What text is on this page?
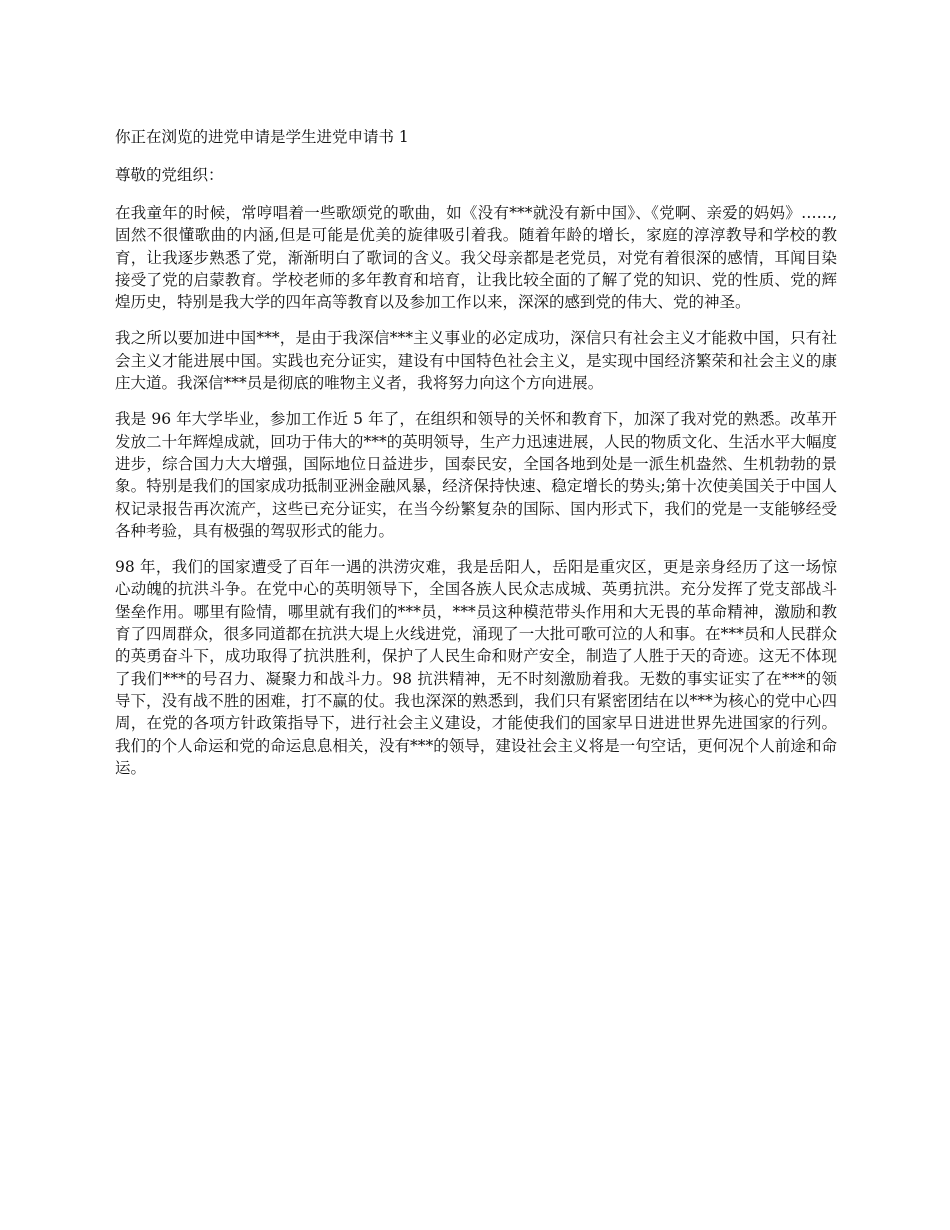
你正在浏览的进党申请是学生进党申请书 1
尊敬的党组织：
在我童年的时候，常哼唱着一些歌颂党的歌曲，如《没有***就没有新中国》、《党啊、亲爱的妈妈》……,固然不很懂歌曲的内涵,但是可能是优美的旋律吸引着我。随着年龄的增长，家庭的淳淳教导和学校的教育，让我逐步熟悉了党，渐渐明白了歌词的含义。我父母亲都是老党员，对党有着很深的感情，耳闻目染接受了党的启蒙教育。学校老师的多年教育和培育，让我比较全面的了解了党的知识、党的性质、党的辉煌历史，特别是我大学的四年高等教育以及参加工作以来，深深的感到党的伟大、党的神圣。
我之所以要加进中国***，是由于我深信***主义事业的必定成功，深信只有社会主义才能救中国，只有社会主义才能进展中国。实践也充分证实，建设有中国特色社会主义，是实现中国经济繁荣和社会主义的康庄大道。我深信***员是彻底的唯物主义者，我将努力向这个方向进展。
我是 96 年大学毕业，参加工作近 5 年了，在组织和领导的关怀和教育下，加深了我对党的熟悉。改革开发放二十年辉煌成就，回功于伟大的***的英明领导，生产力迅速进展，人民的物质文化、生活水平大幅度进步，综合国力大大增强，国际地位日益进步，国泰民安，全国各地到处是一派生机盎然、生机勃勃的景象。特别是我们的国家成功抵制亚洲金融风暴，经济保持快速、稳定增长的势头;第十次使美国关于中国人权记录报告再次流产，这些已充分证实，在当今纷繁复杂的国际、国内形式下，我们的党是一支能够经受各种考验，具有极强的驾驭形式的能力。
98 年，我们的国家遭受了百年一遇的洪涝灾难，我是岳阳人，岳阳是重灾区，更是亲身经历了这一场惊心动魄的抗洪斗争。在党中心的英明领导下，全国各族人民众志成城、英勇抗洪。充分发挥了党支部战斗堡垒作用。哪里有险情，哪里就有我们的***员，***员这种模范带头作用和大无畏的革命精神，激励和教育了四周群众，很多同道都在抗洪大堤上火线进党，涌现了一大批可歌可泣的人和事。在***员和人民群众的英勇奋斗下，成功取得了抗洪胜利，保护了人民生命和财产安全，制造了人胜于天的奇迹。这无不体现了我们***的号召力、凝聚力和战斗力。98 抗洪精神，无不时刻激励着我。无数的事实证实了在***的领导下，没有战不胜的困难，打不赢的仗。我也深深的熟悉到，我们只有紧密团结在以***为核心的党中心四周，在党的各项方针政策指导下，进行社会主义建设，才能使我们的国家早日进进世界先进国家的行列。我们的个人命运和党的命运息息相关，没有***的领导，建设社会主义将是一句空话，更何况个人前途和命运。
